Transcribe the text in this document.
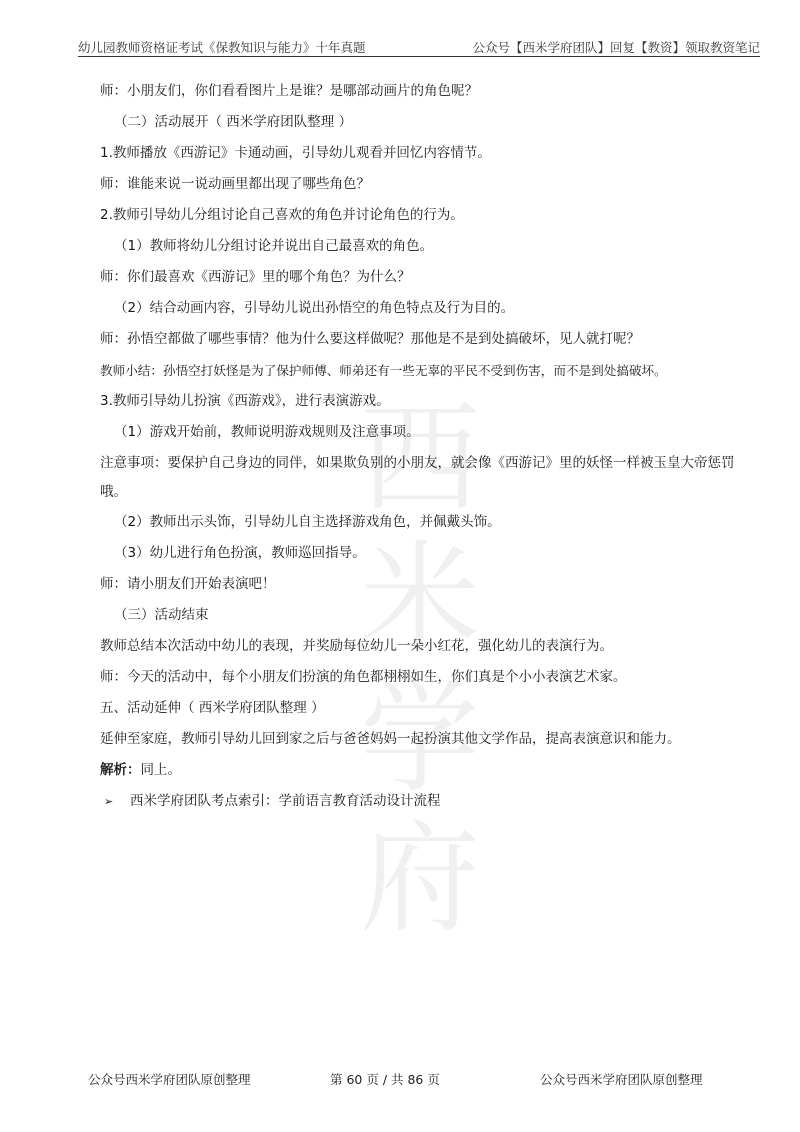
幼儿园教师资格证考试《保教知识与能力》十年真题	公众号【西米学府团队】回复【教资】领取教资笔记
西米学府
师：小朋友们，你们看看图片上是谁？是哪部动画片的角色呢？
（二）活动展开（ 西米学府团队整理 ）
1.教师播放《西游记》卡通动画，引导幼儿观看并回忆内容情节。
师：谁能来说一说动画里都出现了哪些角色？
2.教师引导幼儿分组讨论自己喜欢的角色并讨论角色的行为。
（1）教师将幼儿分组讨论并说出自己最喜欢的角色。
师：你们最喜欢《西游记》里的哪个角色？为什么？
（2）结合动画内容，引导幼儿说出孙悟空的角色特点及行为目的。
师：孙悟空都做了哪些事情？他为什么要这样做呢？那他是不是到处搞破坏，见人就打呢？
教师小结：孙悟空打妖怪是为了保护师傅、师弟还有一些无辜的平民不受到伤害，而不是到处搞破坏。
3.教师引导幼儿扮演《西游戏》，进行表演游戏。
（1）游戏开始前，教师说明游戏规则及注意事项。
注意事项：要保护自己身边的同伴，如果欺负别的小朋友，就会像《西游记》里的妖怪一样被玉皇大帝惩罚哦。
（2）教师出示头饰，引导幼儿自主选择游戏角色，并佩戴头饰。
（3）幼儿进行角色扮演，教师巡回指导。
师：请小朋友们开始表演吧！
（三）活动结束
教师总结本次活动中幼儿的表现，并奖励每位幼儿一朵小红花，强化幼儿的表演行为。
师：今天的活动中，每个小朋友们扮演的角色都栩栩如生，你们真是个小小表演艺术家。
五、活动延伸（ 西米学府团队整理 ）
延伸至家庭，教师引导幼儿回到家之后与爸爸妈妈一起扮演其他文学作品，提高表演意识和能力。
解析：同上。
➢ 西米学府团队考点索引：学前语言教育活动设计流程
公众号西米学府团队原创整理	第 60 页 / 共 86 页	公众号西米学府团队原创整理
